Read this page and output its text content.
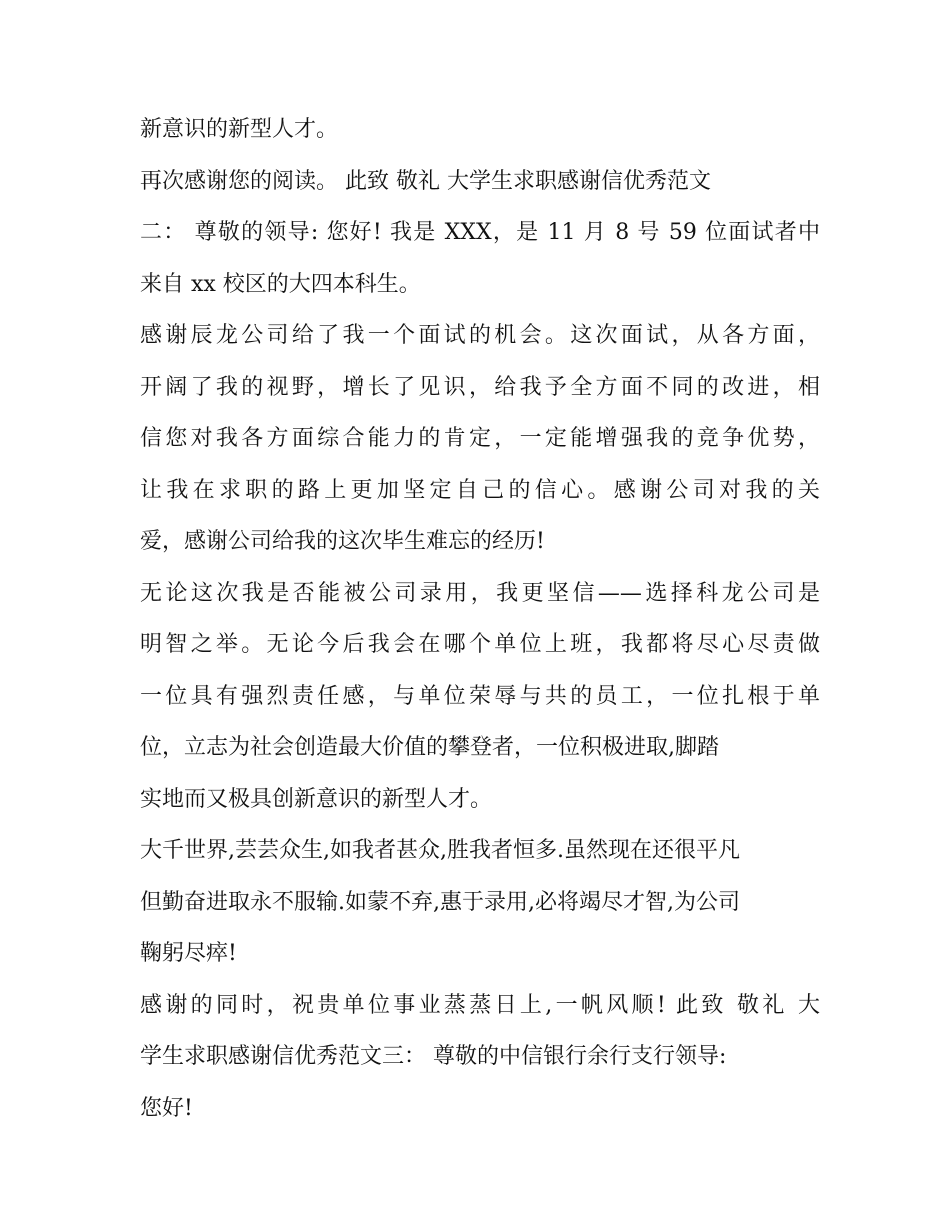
新意识的新型人才。
再次感谢您的阅读。 此致 敬礼 大学生求职感谢信优秀范文
二： 尊敬的领导: 您好! 我是 XXX，是 11 月 8 号 59 位面试者中
来自 xx 校区的大四本科生。
感谢辰龙公司给了我一个面试的机会。这次面试，从各方面，
开阔了我的视野，增长了见识，给我予全方面不同的改进，相
信您对我各方面综合能力的肯定，一定能增强我的竞争优势，
让我在求职的路上更加坚定自己的信心。感谢公司对我的关
爱，感谢公司给我的这次毕生难忘的经历!
无论这次我是否能被公司录用，我更坚信——选择科龙公司是
明智之举。无论今后我会在哪个单位上班，我都将尽心尽责做
一位具有强烈责任感，与单位荣辱与共的员工，一位扎根于单
位，立志为社会创造最大价值的攀登者，一位积极进取,脚踏
实地而又极具创新意识的新型人才。
大千世界,芸芸众生,如我者甚众,胜我者恒多.虽然现在还很平凡
但勤奋进取永不服输.如蒙不弃,惠于录用,必将竭尽才智,为公司
鞠躬尽瘁!
感谢的同时，祝贵单位事业蒸蒸日上,一帆风顺! 此致 敬礼 大
学生求职感谢信优秀范文三： 尊敬的中信银行余行支行领导:
您好!
